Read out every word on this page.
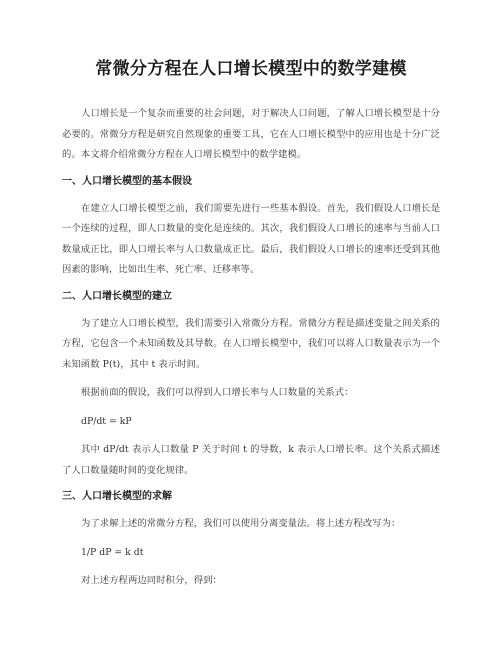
常微分方程在人口增长模型中的数学建模

人口增长是一个复杂而重要的社会问题，对于解决人口问题，了解人口增长模型是十分必要的。常微分方程是研究自然现象的重要工具，它在人口增长模型中的应用也是十分广泛的。本文将介绍常微分方程在人口增长模型中的数学建模。

一、人口增长模型的基本假设

在建立人口增长模型之前，我们需要先进行一些基本假设。首先，我们假设人口增长是一个连续的过程，即人口数量的变化是连续的。其次，我们假设人口增长的速率与当前人口数量成正比，即人口增长率与人口数量成正比。最后，我们假设人口增长的速率还受到其他因素的影响，比如出生率、死亡率、迁移率等。

二、人口增长模型的建立

为了建立人口增长模型，我们需要引入常微分方程。常微分方程是描述变量之间关系的方程，它包含一个未知函数及其导数。在人口增长模型中，我们可以将人口数量表示为一个未知函数 P(t)，其中 t 表示时间。

根据前面的假设，我们可以得到人口增长率与人口数量的关系式：

dP/dt = kP

其中 dP/dt 表示人口数量 P 关于时间 t 的导数，k 表示人口增长率。这个关系式描述了人口数量随时间的变化规律。

三、人口增长模型的求解

为了求解上述的常微分方程，我们可以使用分离变量法。将上述方程改写为：

1/P dP = k dt

对上述方程两边同时积分，得到：
